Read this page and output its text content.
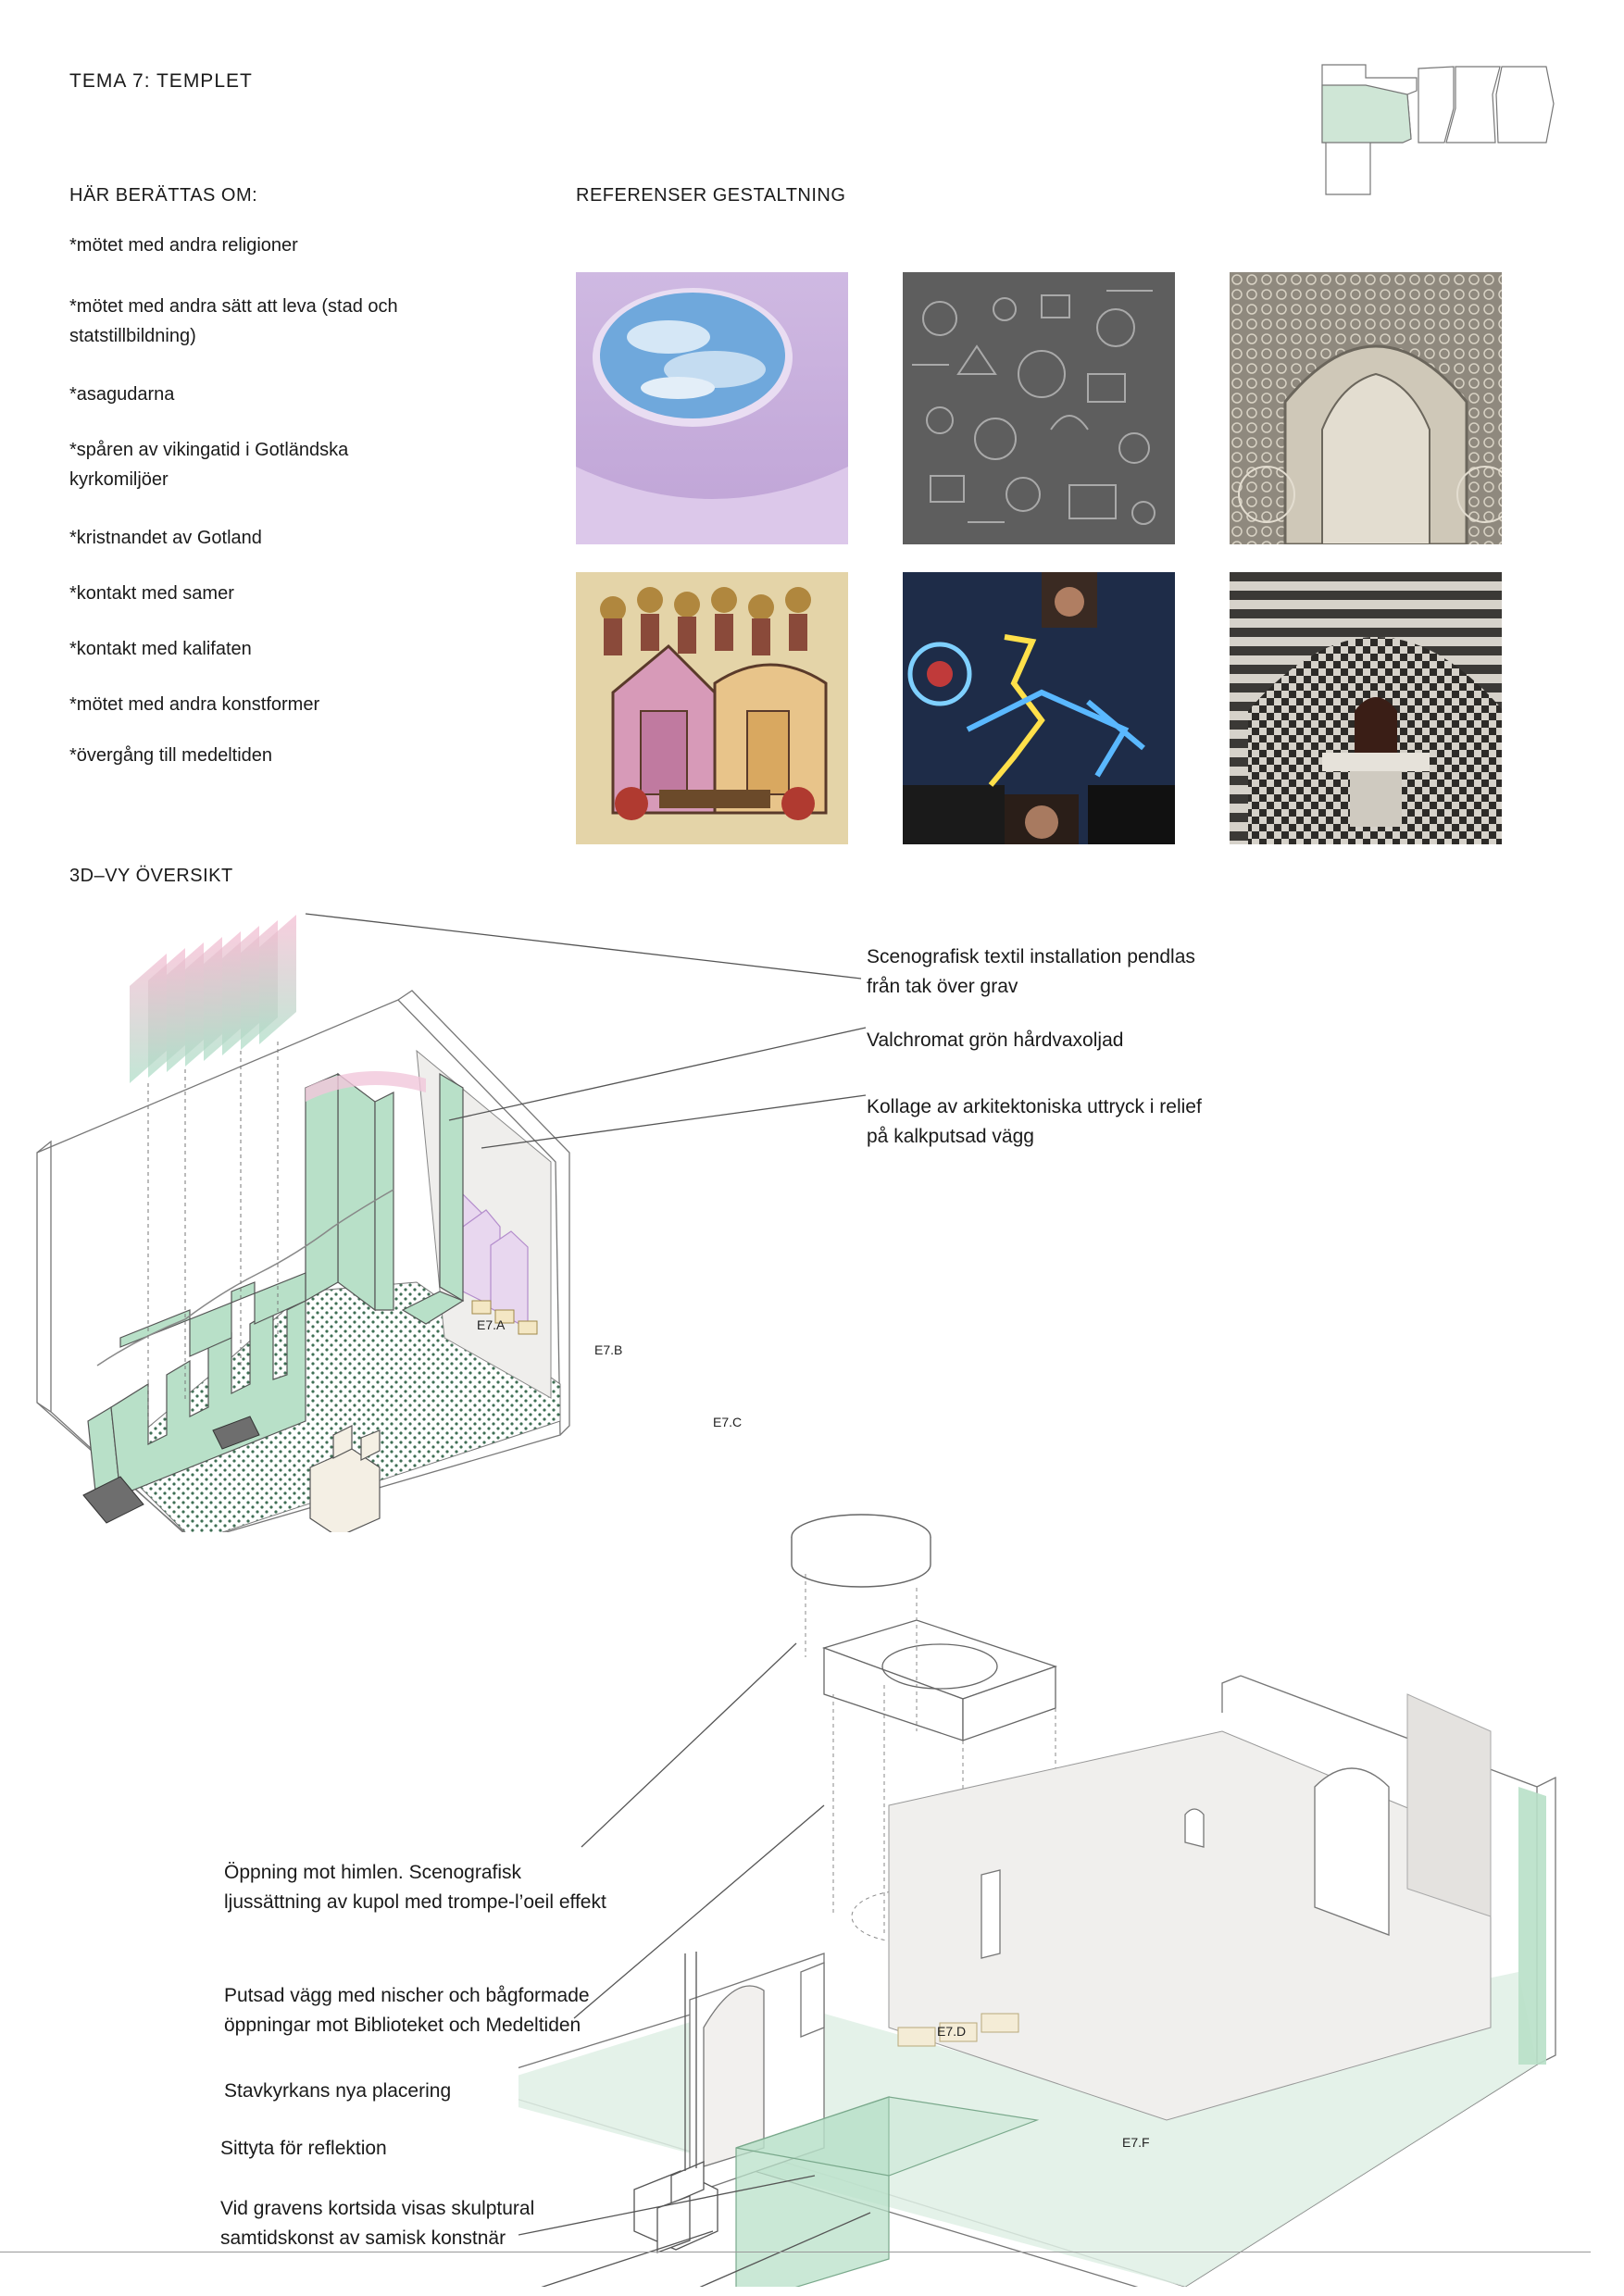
TEMA 7: TEMPLET
HÄR BERÄTTAS OM:
*mötet med andra religioner
*mötet med andra sätt att leva (stad och statstillbildning)
*asagudarna
*spåren av vikingatid i Gotländska kyrkomiljöer
*kristnandet av Gotland
*kontakt med samer
*kontakt med kalifaten
*mötet med andra konstformer
*övergång till medeltiden
REFERENSER GESTALTNING
3D–VY ÖVERSIKT
E7.A
E7.B
E7.C
Scenografisk textil installation pendlas från tak över grav
Valchromat grön hårdvaxoljad
Kollage av arkitektoniska uttryck i relief på kalkputsad vägg
E7.D
E7.F
Öppning mot himlen. Scenografisk ljussättning av kupol med trompe-l’oeil effekt
Putsad vägg med nischer och bågformade öppningar mot Biblioteket och Medeltiden
Stavkyrkans nya placering
Sittyta för reflektion
Vid gravens kortsida visas skulptural samtidskonst av samisk konstnär
